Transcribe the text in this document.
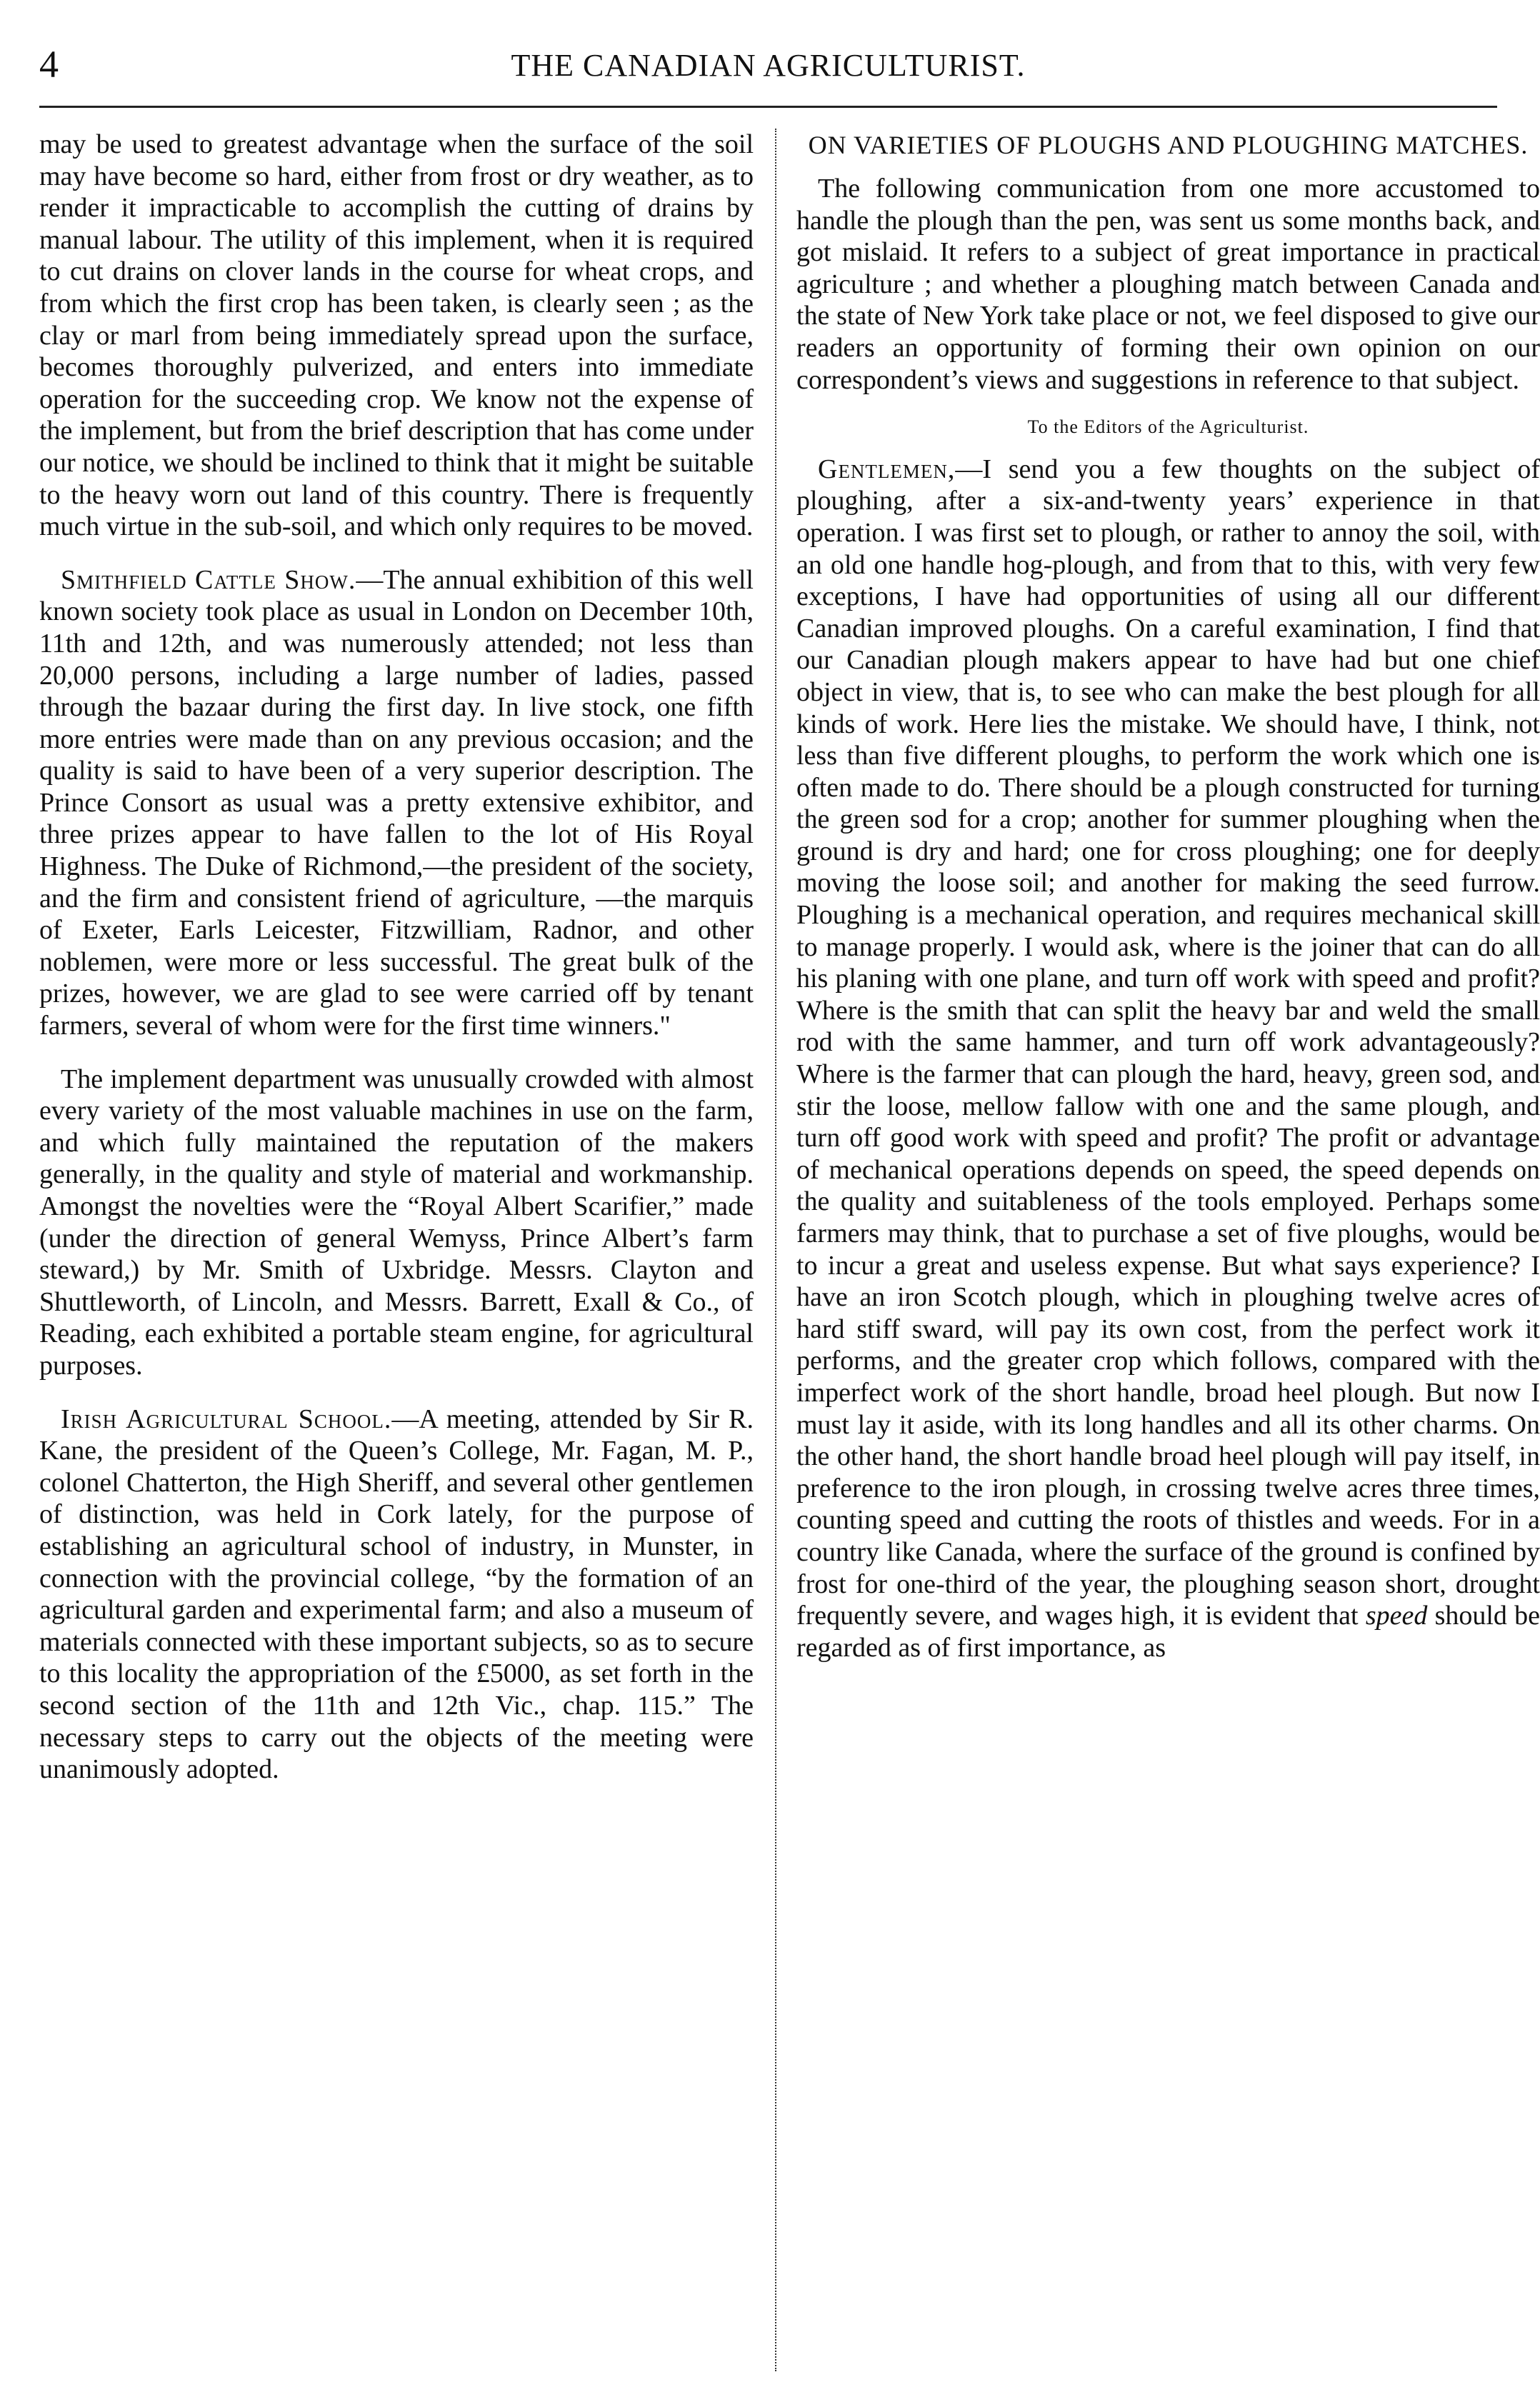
4	THE CANADIAN AGRICULTURIST.

may be used to greatest advantage when the surface of the soil may have become so hard, either from frost or dry weather, as to render it impracticable to accomplish the cutting of drains by manual labour. The utility of this implement, when it is required to cut drains on clover lands in the course for wheat crops, and from which the first crop has been taken, is clearly seen ; as the clay or marl from being immediately spread upon the surface, becomes thoroughly pulverized, and enters into immediate operation for the succeeding crop. We know not the expense of the implement, but from the brief description that has come under our notice, we should be inclined to think that it might be suitable to the heavy worn out land of this country. There is frequently much virtue in the sub-soil, and which only requires to be moved.

Smithfield Cattle Show.—The annual exhibition of this well known society took place as usual in London on December 10th, 11th and 12th, and was numerously attended; not less than 20,000 persons, including a large number of ladies, passed through the bazaar during the first day. In live stock, one fifth more entries were made than on any previous occasion; and the quality is said to have been of a very superior description. The Prince Consort as usual was a pretty extensive exhibitor, and three prizes appear to have fallen to the lot of His Royal Highness. The Duke of Richmond,—the president of the society, and the firm and consistent friend of agriculture, —the marquis of Exeter, Earls Leicester, Fitzwilliam, Radnor, and other noblemen, were more or less successful. The great bulk of the prizes, however, we are glad to see were carried off by tenant farmers, several of whom were for the first time winners."

The implement department was unusually crowded with almost every variety of the most valuable machines in use on the farm, and which fully maintained the reputation of the makers generally, in the quality and style of material and workmanship. Amongst the novelties were the “Royal Albert Scarifier,” made (under the direction of general Wemyss, Prince Albert’s farm steward,) by Mr. Smith of Uxbridge. Messrs. Clayton and Shuttleworth, of Lincoln, and Messrs. Barrett, Exall & Co., of Reading, each exhibited a portable steam engine, for agricultural purposes.

Irish Agricultural School.—A meeting, attended by Sir R. Kane, the president of the Queen’s College, Mr. Fagan, M. P., colonel Chatterton, the High Sheriff, and several other gentlemen of distinction, was held in Cork lately, for the purpose of establishing an agricultural school of industry, in Munster, in connection with the provincial college, “by the formation of an agricultural garden and experimental farm; and also a museum of materials connected with these important subjects, so as to secure to this locality the appropriation of the £5000, as set forth in the second section of the 11th and 12th Vic., chap. 115.” The necessary steps to carry out the objects of the meeting were unanimously adopted.

ON VARIETIES OF PLOUGHS AND PLOUGHING MATCHES.

The following communication from one more accustomed to handle the plough than the pen, was sent us some months back, and got mislaid. It refers to a subject of great importance in practical agriculture ; and whether a ploughing match between Canada and the state of New York take place or not, we feel disposed to give our readers an opportunity of forming their own opinion on our correspondent’s views and suggestions in reference to that subject.

To the Editors of the Agriculturist.

Gentlemen,—I send you a few thoughts on the subject of ploughing, after a six-and-twenty years’ experience in that operation. I was first set to plough, or rather to annoy the soil, with an old one handle hog-plough, and from that to this, with very few exceptions, I have had opportunities of using all our different Canadian improved ploughs. On a careful examination, I find that our Canadian plough makers appear to have had but one chief object in view, that is, to see who can make the best plough for all kinds of work. Here lies the mistake. We should have, I think, not less than five different ploughs, to perform the work which one is often made to do. There should be a plough constructed for turning the green sod for a crop; another for summer ploughing when the ground is dry and hard; one for cross ploughing; one for deeply moving the loose soil; and another for making the seed furrow. Ploughing is a mechanical operation, and requires mechanical skill to manage properly. I would ask, where is the joiner that can do all his planing with one plane, and turn off work with speed and profit? Where is the smith that can split the heavy bar and weld the small rod with the same hammer, and turn off work advantageously? Where is the farmer that can plough the hard, heavy, green sod, and stir the loose, mellow fallow with one and the same plough, and turn off good work with speed and profit? The profit or advantage of mechanical operations depends on speed, the speed depends on the quality and suitableness of the tools employed. Perhaps some farmers may think, that to purchase a set of five ploughs, would be to incur a great and useless expense. But what says experience? I have an iron Scotch plough, which in ploughing twelve acres of hard stiff sward, will pay its own cost, from the perfect work it performs, and the greater crop which follows, compared with the imperfect work of the short handle, broad heel plough. But now I must lay it aside, with its long handles and all its other charms. On the other hand, the short handle broad heel plough will pay itself, in preference to the iron plough, in crossing twelve acres three times, counting speed and cutting the roots of thistles and weeds. For in a country like Canada, where the surface of the ground is confined by frost for one-third of the year, the ploughing season short, drought frequently severe, and wages high, it is evident that speed should be regarded as of first importance, as
